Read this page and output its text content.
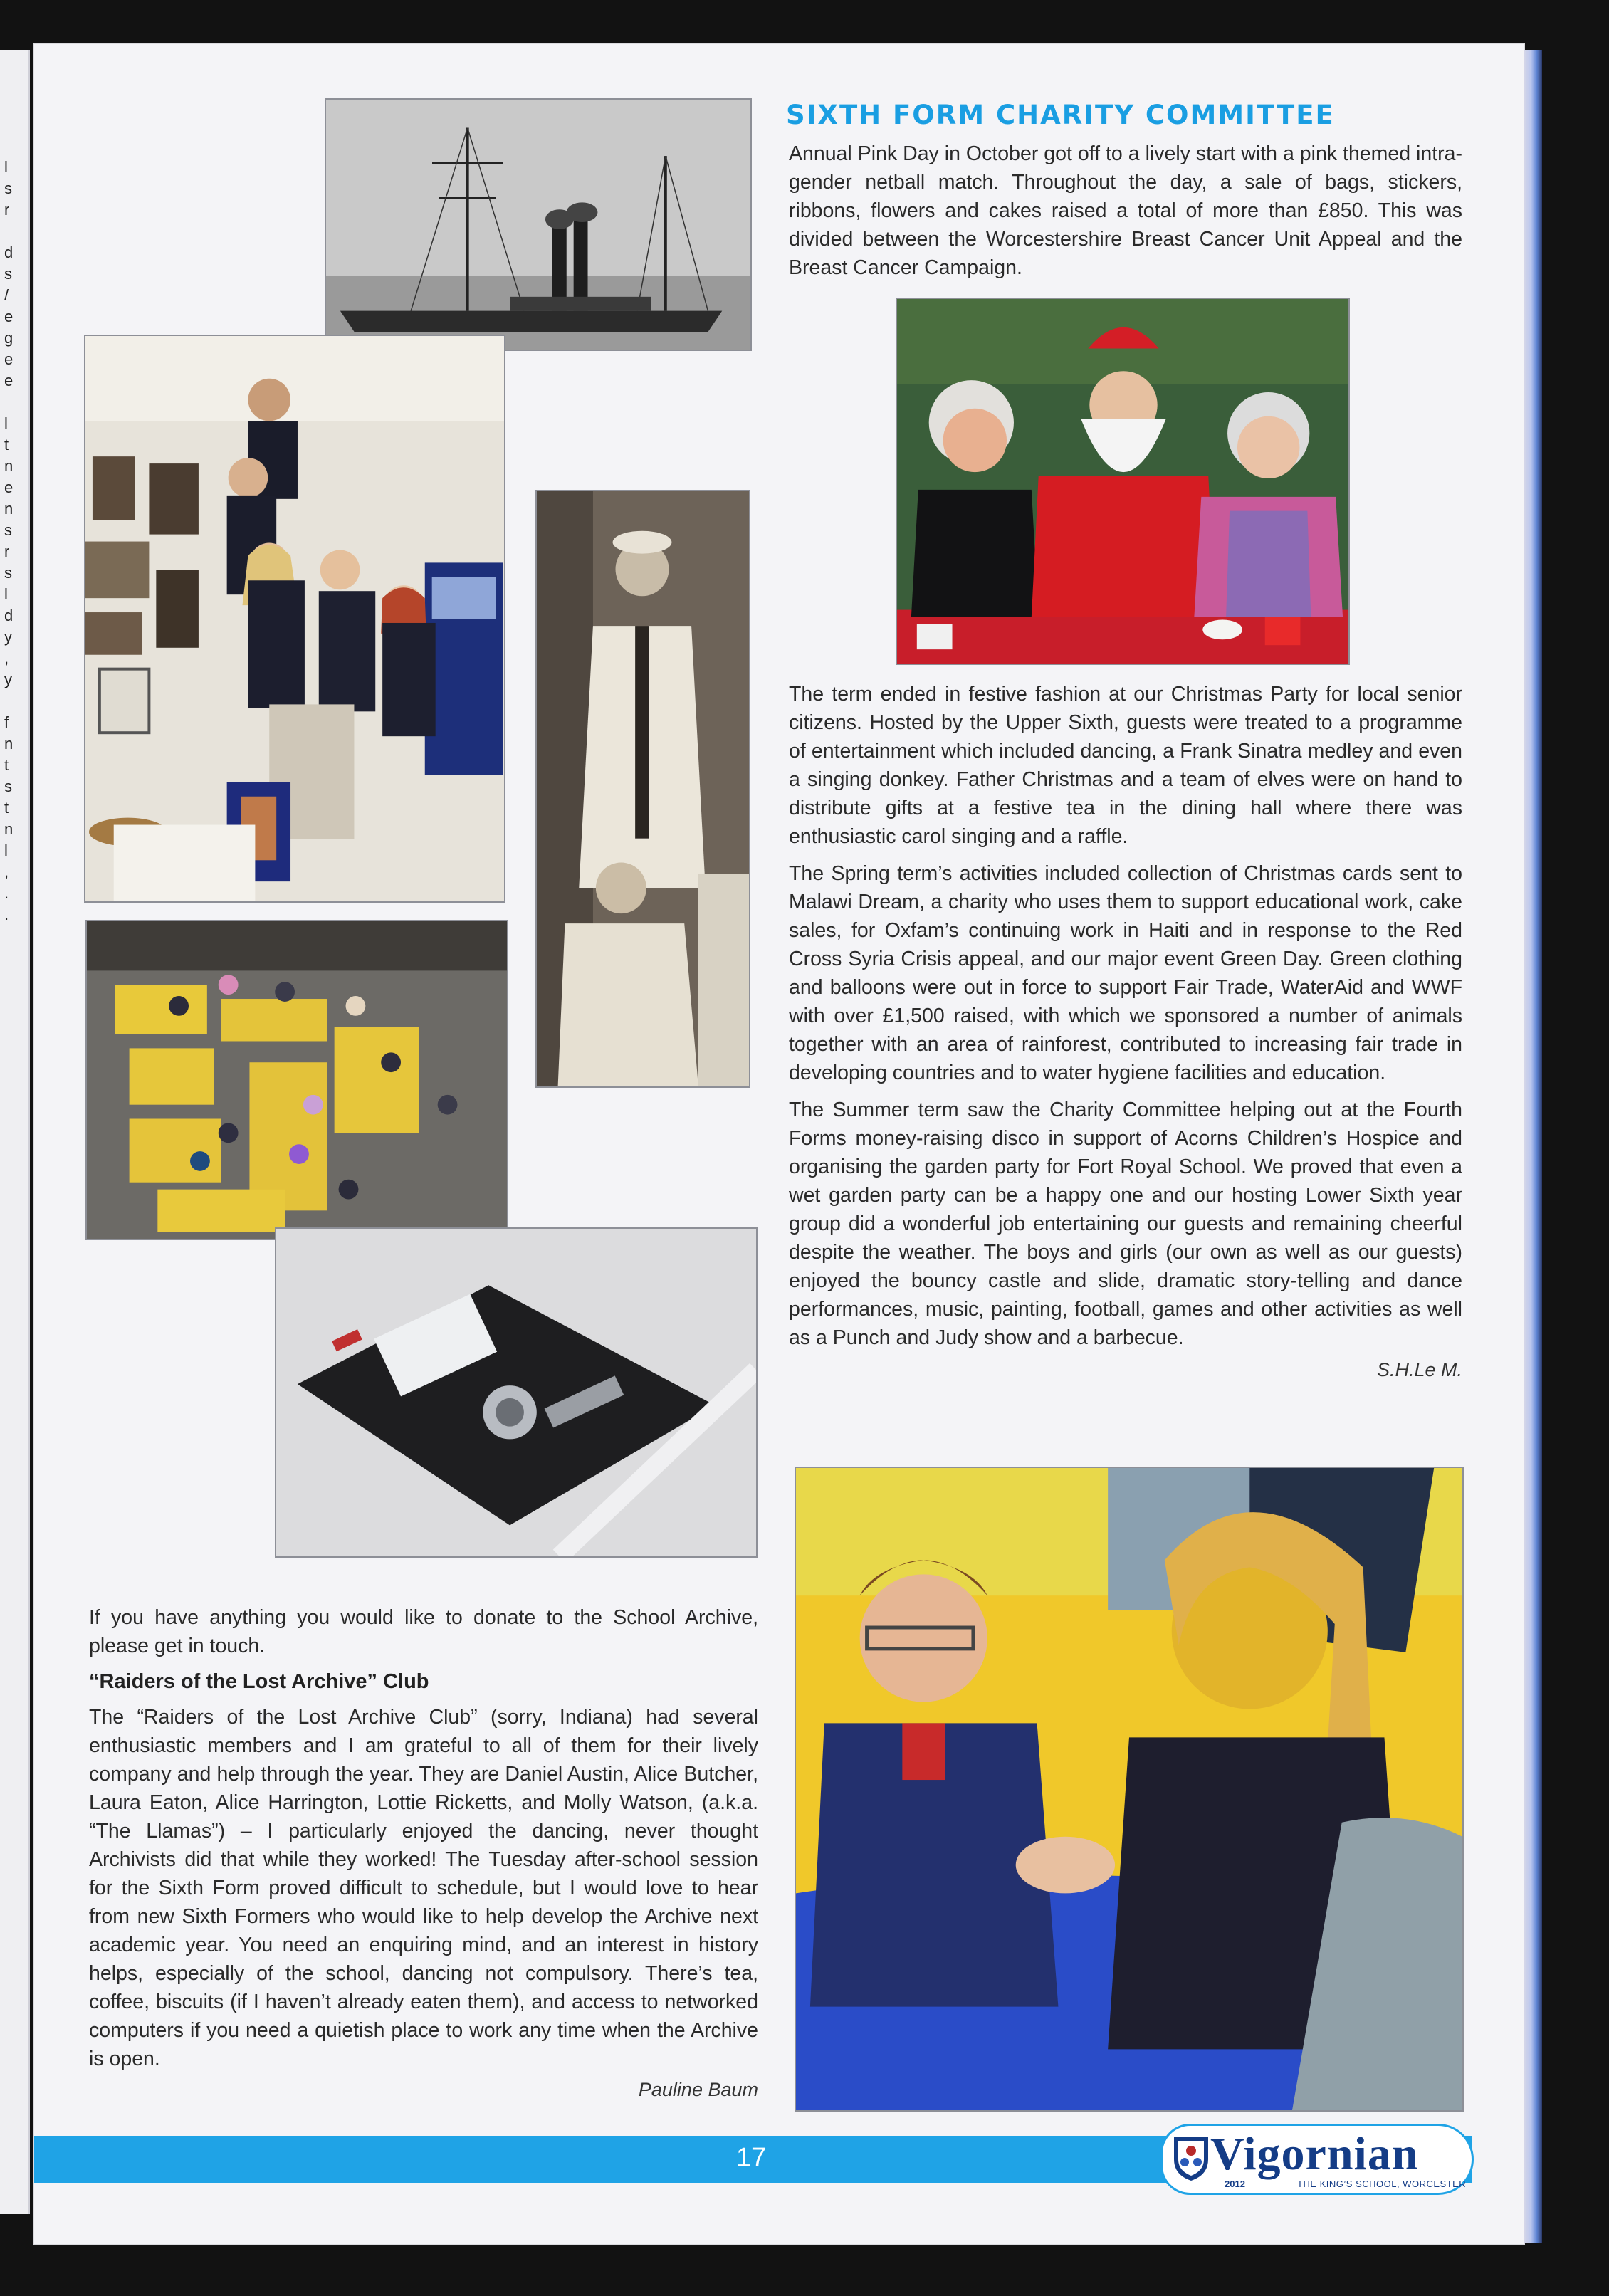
l
s
r

d
s
/
e
g
e
e

l
t
n
e
n
s
r
s
l
d
y
,
y

f
n
t
s
t
n
l
,
.
.
SIXTH FORM CHARITY COMMITTEE

Annual Pink Day in October got off to a lively start with a pink themed intra-gender netball match. Throughout the day, a sale of bags, stickers, ribbons, flowers and cakes raised a total of more than £850. This was divided between the Worcestershire Breast Cancer Unit Appeal and the Breast Cancer Campaign.

The term ended in festive fashion at our Christmas Party for local senior citizens. Hosted by the Upper Sixth, guests were treated to a programme of entertainment which included dancing, a Frank Sinatra medley and even a singing donkey. Father Christmas and a team of elves were on hand to distribute gifts at a festive tea in the dining hall where there was enthusiastic carol singing and a raffle.

The Spring term’s activities included collection of Christmas cards sent to Malawi Dream, a charity who uses them to support educational work, cake sales, for Oxfam’s continuing work in Haiti and in response to the Red Cross Syria Crisis appeal, and our major event Green Day. Green clothing and balloons were out in force to support Fair Trade, WaterAid and WWF with over £1,500 raised, with which we sponsored a number of animals together with an area of rainforest, contributed to increasing fair trade in developing countries and to water hygiene facilities and education.

The Summer term saw the Charity Committee helping out at the Fourth Forms money-raising disco in support of Acorns Children’s Hospice and organising the garden party for Fort Royal School. We proved that even a wet garden party can be a happy one and our hosting Lower Sixth year group did a wonderful job entertaining our guests and remaining cheerful despite the weather. The boys and girls (our own as well as our guests) enjoyed the bouncy castle and slide, dramatic story-telling and dance performances, music, painting, football, games and other activities as well as a Punch and Judy show and a barbecue.

S.H.Le M.

If you have anything you would like to donate to the School Archive, please get in touch.

“Raiders of the Lost Archive” Club

The “Raiders of the Lost Archive Club” (sorry, Indiana) had several enthusiastic members and I am grateful to all of them for their lively company and help through the year. They are Daniel Austin, Alice Butcher, Laura Eaton, Alice Harrington, Lottie Ricketts, and Molly Watson, (a.k.a. “The Llamas”) – I particularly enjoyed the dancing, never thought Archivists did that while they worked! The Tuesday after-school session for the Sixth Form proved difficult to schedule, but I would love to hear from new Sixth Formers who would like to help develop the Archive next academic year. You need an enquiring mind, and an interest in history helps, especially of the school, dancing not compulsory. There’s tea, coffee, biscuits (if I haven’t already eaten them), and access to networked computers if you need a quietish place to work any time when the Archive is open.

Pauline Baum
17	Vigornian
2012	THE KING’S SCHOOL, WORCESTER
